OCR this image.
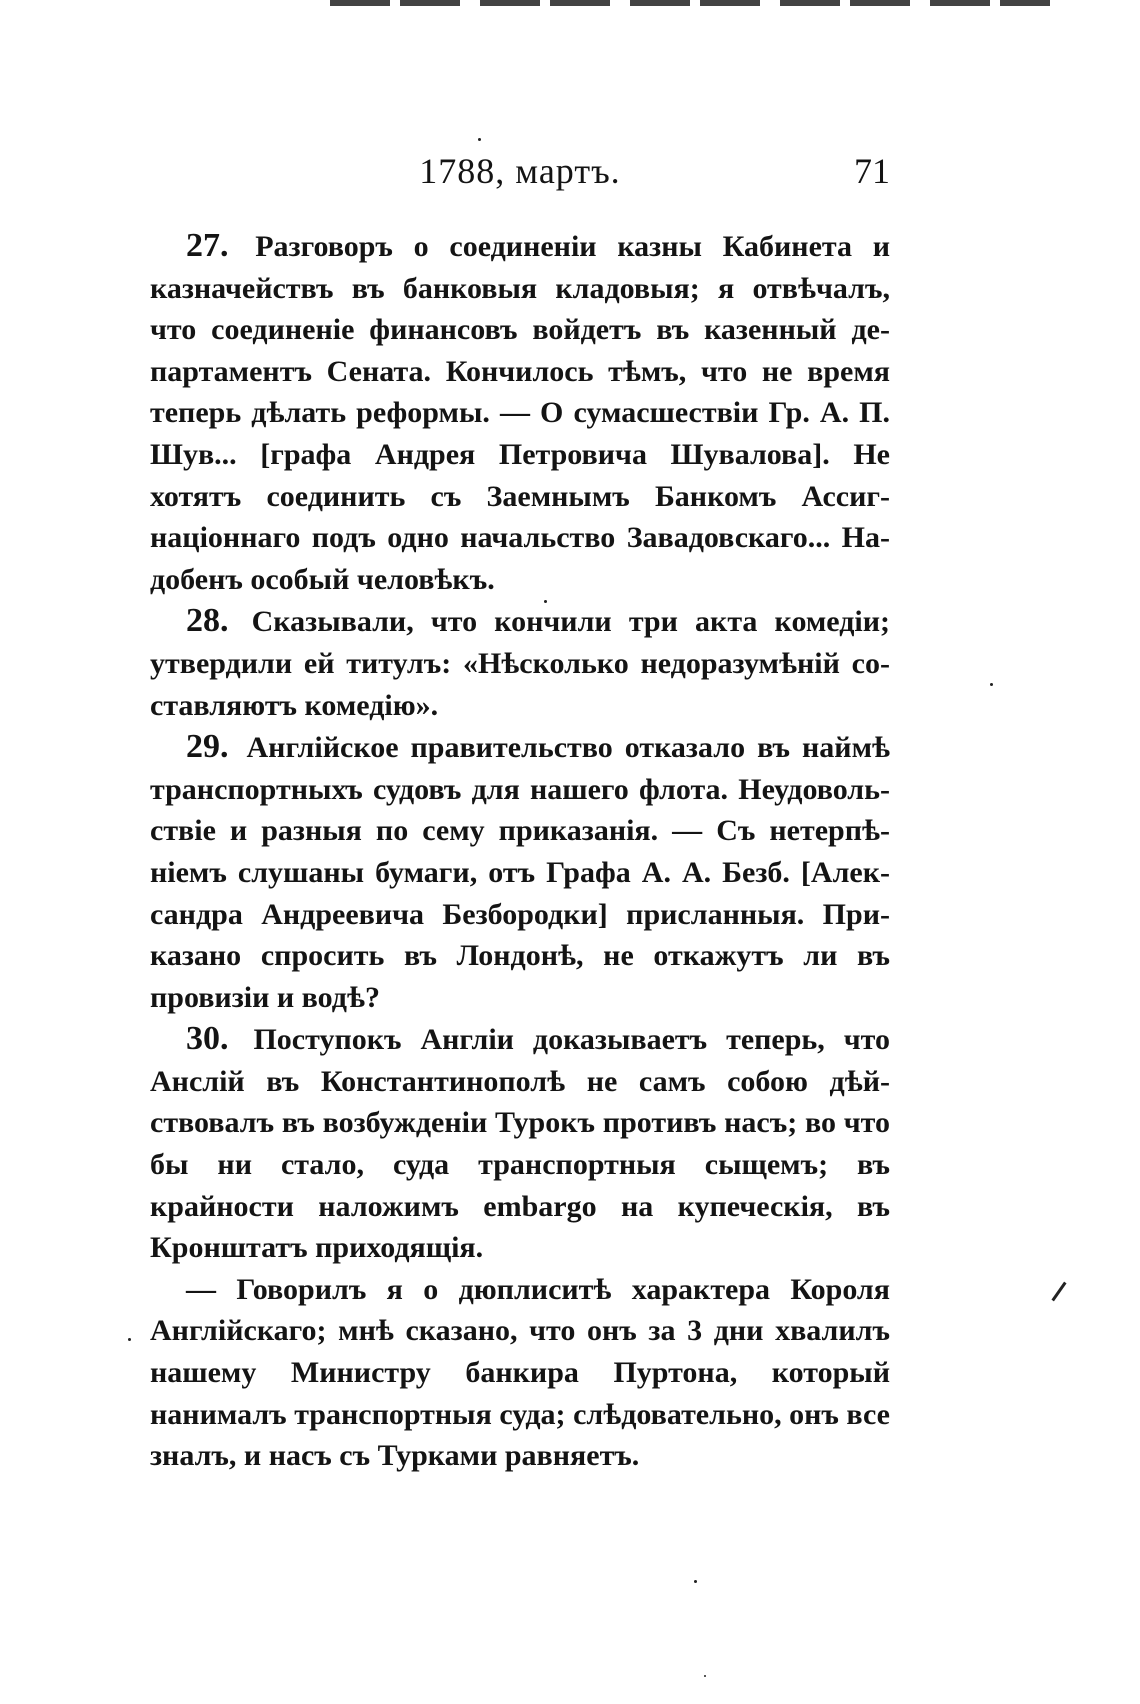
1788, мартъ.	71

27. Разговоръ о соединеніи казны Кабинета и казначействъ въ банковыя кладовыя; я отвѣчалъ, что соединеніе финансовъ войдетъ въ казенный департаментъ Сената. Кончилось тѣмъ, что не время теперь дѣлать реформы. — О сумасшествіи Гр. А. П. Шув... [графа Андрея Петровича Шувалова]. Не хотятъ соединить съ Заемнымъ Банкомъ Ассигнаціоннаго подъ одно начальство Завадовскаго... Надобенъ особый человѣкъ.

28. Сказывали, что кончили три акта комедіи; утвердили ей титулъ: «Нѣсколько недоразумѣній составляютъ комедію».

29. Англійское правительство отказало въ наймѣ транспортныхъ судовъ для нашего флота. Неудовольствіе и разныя по сему приказанія. — Съ нетерпѣніемъ слушаны бумаги, отъ Графа А. А. Безб. [Александра Андреевича Безбородки] присланныя. Приказано спросить въ Лондонѣ, не откажутъ ли въ провизіи и водѣ?

30. Поступокъ Англіи доказываетъ теперь, что Анслій въ Константинополѣ не самъ собою дѣйствовалъ въ возбужденіи Турокъ противъ насъ; во что бы ни стало, суда транспортныя сыщемъ; въ крайности наложимъ embargo на купеческія, въ Кронштатъ приходящія.

— Говорилъ я о дюплиситѣ характера Короля Англійскаго; мнѣ сказано, что онъ за 3 дни хвалилъ нашему Министру банкира Пуртона, который нанималъ транспортныя суда; слѣдовательно, онъ все зналъ, и насъ съ Турками равняетъ.
